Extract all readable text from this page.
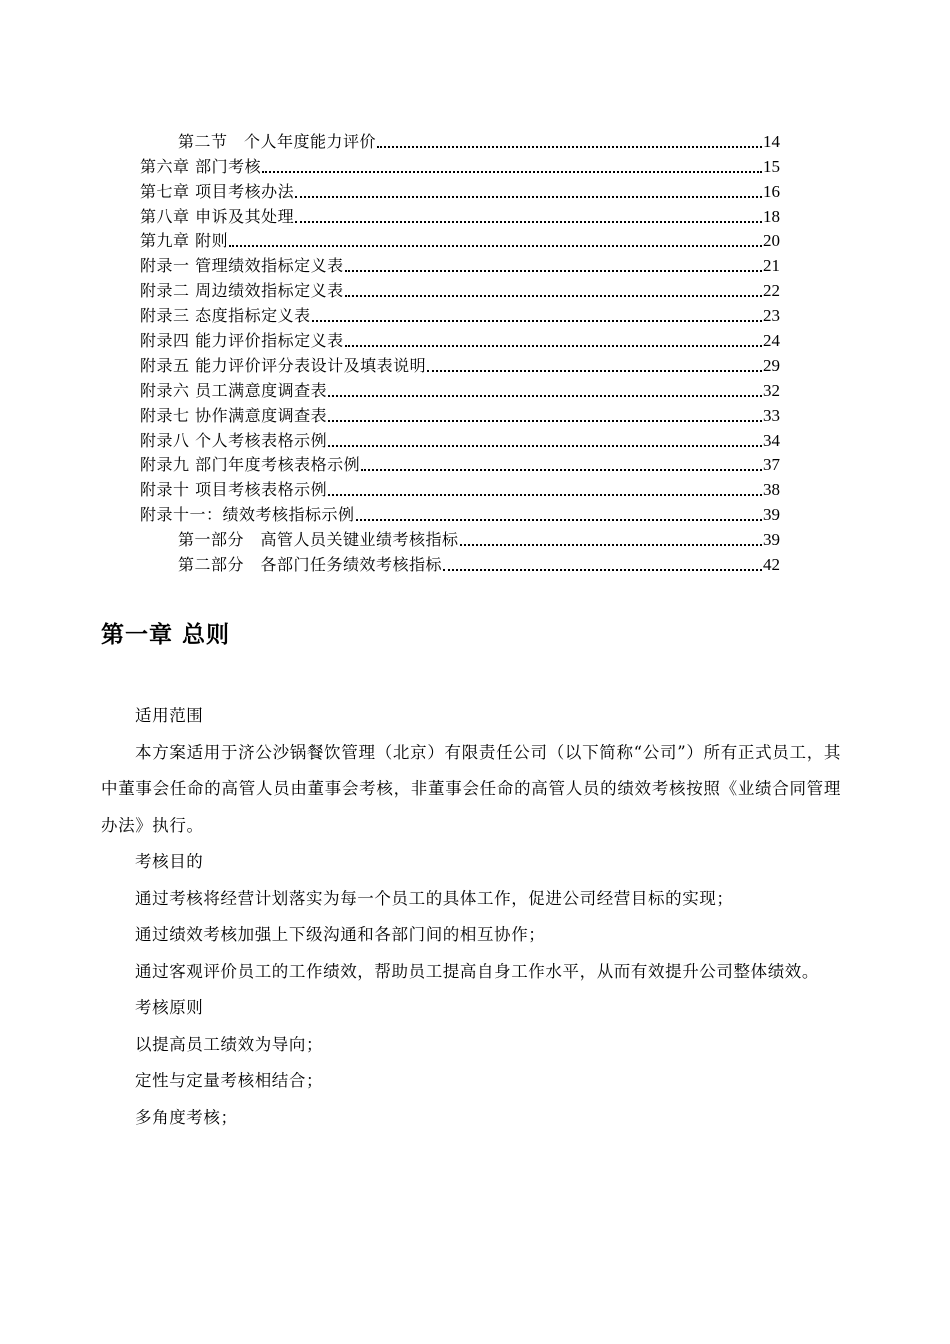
第二节　个人年度能力评价	14
第六章 部门考核	15
第七章 项目考核办法	16
第八章 申诉及其处理	18
第九章 附则	20
附录一 管理绩效指标定义表	21
附录二 周边绩效指标定义表	22
附录三 态度指标定义表	23
附录四 能力评价指标定义表	24
附录五 能力评价评分表设计及填表说明	29
附录六 员工满意度调查表	32
附录七 协作满意度调查表	33
附录八 个人考核表格示例	34
附录九 部门年度考核表格示例	37
附录十 项目考核表格示例	38
附录十一：绩效考核指标示例	39
第一部分　高管人员关键业绩考核指标	39
第二部分　各部门任务绩效考核指标	42
第一章 总则

适用范围

本方案适用于济公沙锅餐饮管理（北京）有限责任公司（以下简称“公司”）所有正式员工，其中董事会任命的高管人员由董事会考核，非董事会任命的高管人员的绩效考核按照《业绩合同管理办法》执行。

考核目的

通过考核将经营计划落实为每一个员工的具体工作，促进公司经营目标的实现；

通过绩效考核加强上下级沟通和各部门间的相互协作；

通过客观评价员工的工作绩效，帮助员工提高自身工作水平，从而有效提升公司整体绩效。

考核原则

以提高员工绩效为导向；

定性与定量考核相结合；

多角度考核；
